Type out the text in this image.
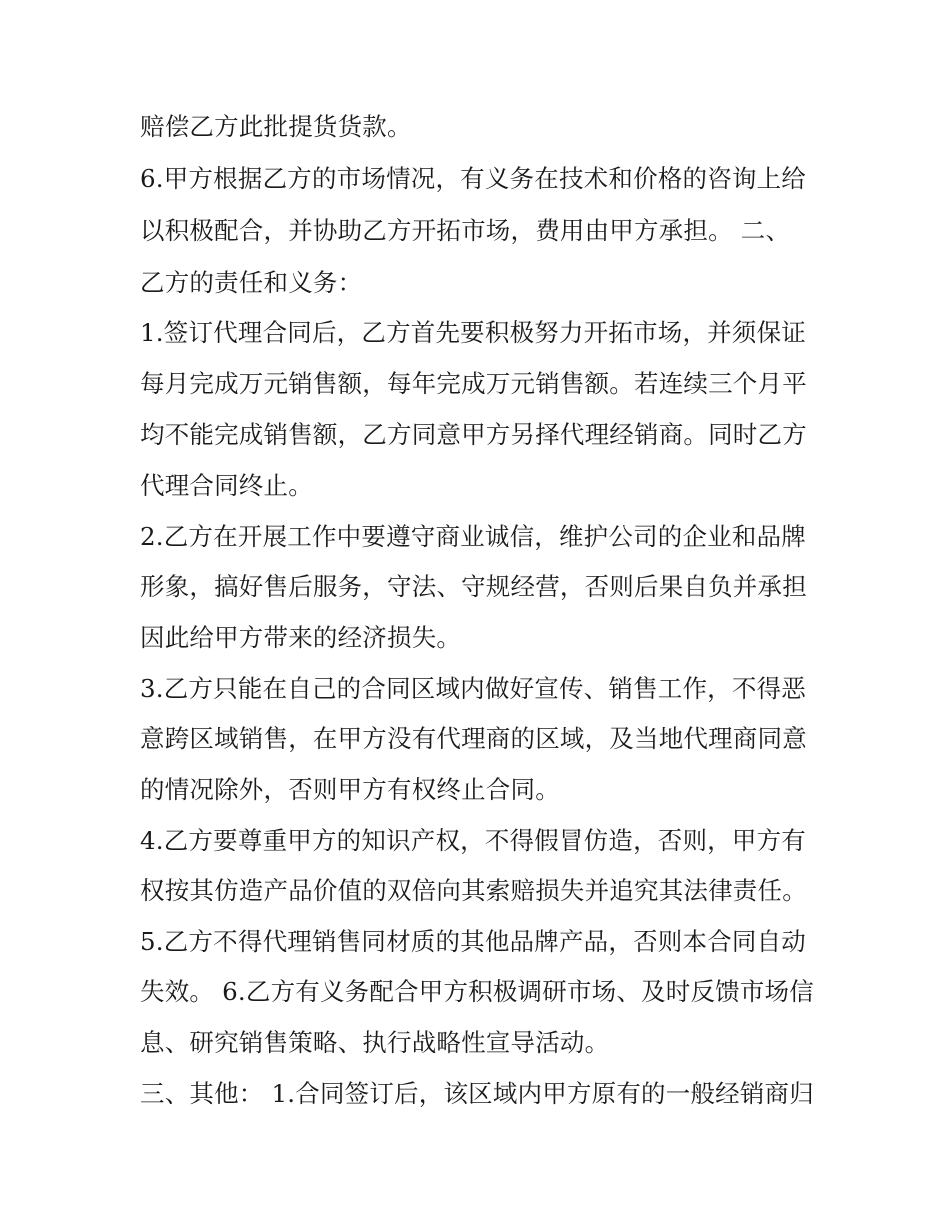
赔偿乙方此批提货货款。
6.甲方根据乙方的市场情况，有义务在技术和价格的咨询上给
以积极配合，并协助乙方开拓市场，费用由甲方承担。 二、
乙方的责任和义务：
1.签订代理合同后，乙方首先要积极努力开拓市场，并须保证
每月完成万元销售额，每年完成万元销售额。若连续三个月平
均不能完成销售额，乙方同意甲方另择代理经销商。同时乙方
代理合同终止。
2.乙方在开展工作中要遵守商业诚信，维护公司的企业和品牌
形象，搞好售后服务，守法、守规经营，否则后果自负并承担
因此给甲方带来的经济损失。
3.乙方只能在自己的合同区域内做好宣传、销售工作，不得恶
意跨区域销售，在甲方没有代理商的区域，及当地代理商同意
的情况除外，否则甲方有权终止合同。
4.乙方要尊重甲方的知识产权，不得假冒仿造，否则，甲方有
权按其仿造产品价值的双倍向其索赔损失并追究其法律责任。
5.乙方不得代理销售同材质的其他品牌产品，否则本合同自动
失效。 6.乙方有义务配合甲方积极调研市场、及时反馈市场信
息、研究销售策略、执行战略性宣导活动。
三、其他： 1.合同签订后，该区域内甲方原有的一般经销商归
